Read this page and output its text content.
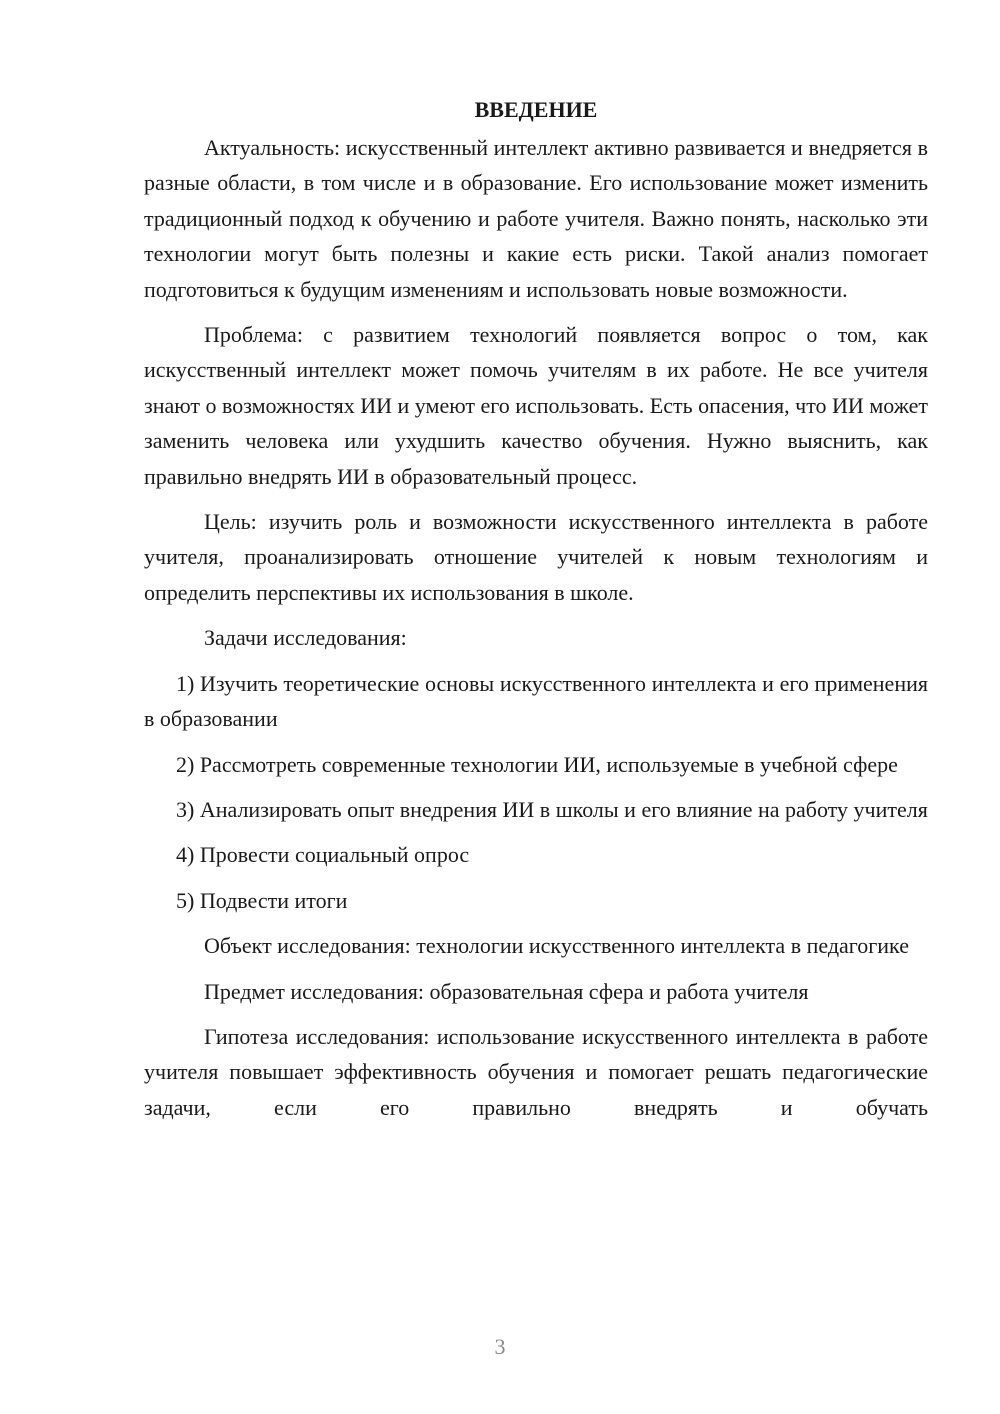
ВВЕДЕНИЕ

Актуальность: искусственный интеллект активно развивается и внедряется в разные области, в том числе и в образование. Его использование может изменить традиционный подход к обучению и работе учителя. Важно понять, насколько эти технологии могут быть полезны и какие есть риски. Такой анализ помогает подготовиться к будущим изменениям и использовать новые возможности.

Проблема: с развитием технологий появляется вопрос о том, как искусственный интеллект может помочь учителям в их работе. Не все учителя знают о возможностях ИИ и умеют его использовать. Есть опасения, что ИИ может заменить человека или ухудшить качество обучения. Нужно выяснить, как правильно внедрять ИИ в образовательный процесс.

Цель: изучить роль и возможности искусственного интеллекта в работе учителя, проанализировать отношение учителей к новым технологиям и определить перспективы их использования в школе.

Задачи исследования:

1) Изучить теоретические основы искусственного интеллекта и его применения в образовании

2) Рассмотреть современные технологии ИИ, используемые в учебной сфере

3) Анализировать опыт внедрения ИИ в школы и его влияние на работу учителя

4) Провести социальный опрос

5) Подвести итоги

Объект исследования: технологии искусственного интеллекта в педагогике

Предмет исследования: образовательная сфера и работа учителя

Гипотеза исследования: использование искусственного интеллекта в работе учителя повышает эффективность обучения и помогает решать педагогические задачи, если его правильно внедрять и обучать

3
